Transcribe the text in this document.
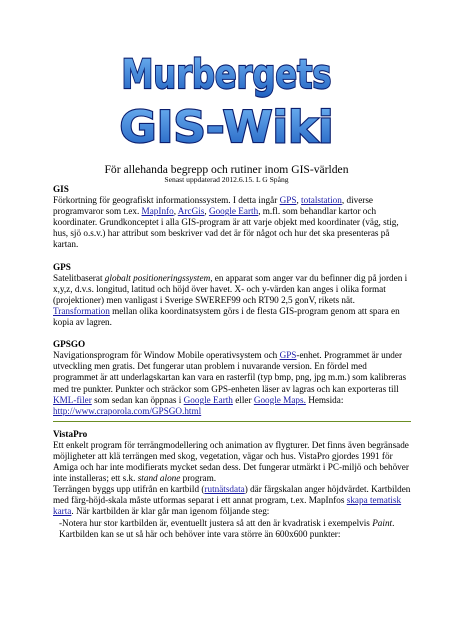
Murbergets
GIS-Wiki
För allehanda begrepp och rutiner inom GIS-världen
Senast uppdaterad 2012.6.15. L G Spång
GIS

Förkortning för geografiskt informationssystem. I detta ingår GPS, totalstation, diverse programvaror som t.ex. MapInfo, ArcGis, Google Earth, m.fl. som behandlar kartor och koordinater. Grundkonceptet i alla GIS-program är att varje objekt med koordinater (väg, stig, hus, sjö o.s.v.) har attribut som beskriver vad det är för något och hur det ska presenteras på kartan.

GPS

Satelitbaserat globalt positioneringssystem, en apparat som anger var du befinner dig på jorden i x,y,z, d.v.s. longitud, latitud och höjd över havet. X- och y-värden kan anges i olika format (projektioner) men vanligast i Sverige SWEREF99 och RT90 2,5 gonV, rikets nät. Transformation mellan olika koordinatsystem görs i de flesta GIS-program genom att spara en kopia av lagren.

GPSGO

Navigationsprogram för Window Mobile operativsystem och GPS-enhet. Programmet är under utveckling men gratis. Det fungerar utan problem i nuvarande version. En fördel med programmet är att underlagskartan kan vara en rasterfil (typ bmp, png, jpg m.m.) som kalibreras med tre punkter. Punkter och sträckor som GPS-enheten läser av lagras och kan exporteras till KML-filer som sedan kan öppnas i Google Earth eller Google Maps. Hemsida: http://www.craporola.com/GPSGO.html

VistaPro

Ett enkelt program för terrängmodellering och animation av flygturer. Det finns även begränsade möjligheter att klä terrängen med skog, vegetation, vägar och hus. VistaPro gjordes 1991 för Amiga och har inte modifierats mycket sedan dess. Det fungerar utmärkt i PC-miljö och behöver inte installeras; ett s.k. stand alone program.

Terrängen byggs upp utifrån en kartbild (rutnätsdata) där färgskalan anger höjdvärdet. Kartbilden med färg-höjd-skala måste utformas separat i ett annat program, t.ex. MapInfos skapa tematisk karta. När kartbilden är klar går man igenom följande steg:

-Notera hur stor kartbilden är, eventuellt justera så att den är kvadratisk i exempelvis Paint. Kartbilden kan se ut så här och behöver inte vara större än 600x600 punkter:
